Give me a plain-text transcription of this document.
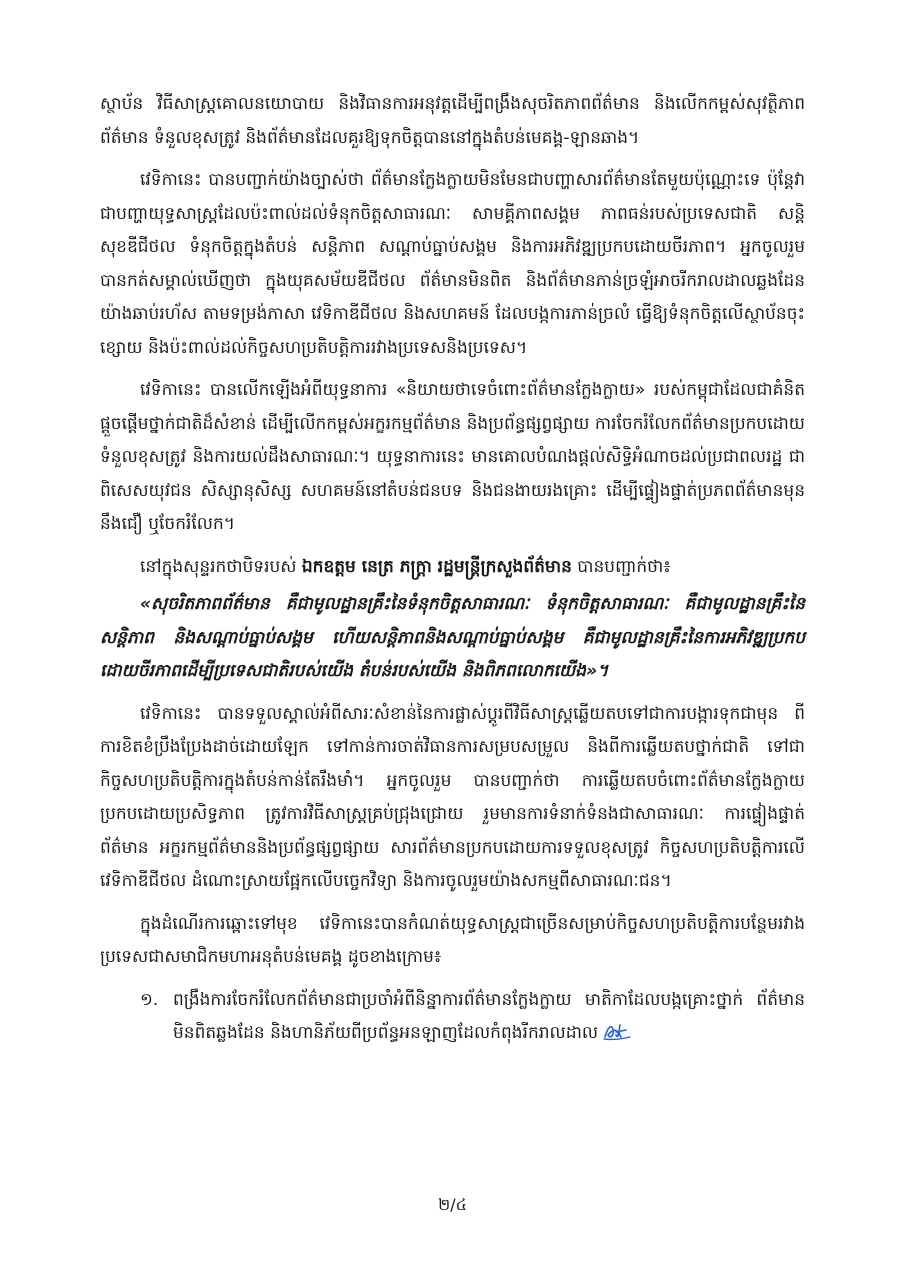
ស្ថាប័ន វិធីសាស្ត្រគោលនយោបាយ និងវិធានការអនុវត្តដើម្បីពង្រឹងសុចរិតភាពព័ត៌មាន និងលើកកម្ពស់សុវត្ថិភាពព័ត៌មាន ទំនួលខុសត្រូវ និងព័ត៌មានដែលគួរឱ្យទុកចិត្តបាននៅក្នុងតំបន់មេគង្គ-ឡានឆាង។

វេទិកានេះ បានបញ្ជាក់យ៉ាងច្បាស់ថា ព័ត៌មានក្លែងក្លាយមិនមែនជាបញ្ហាសារព័ត៌មានតែមួយប៉ុណ្ណោះទេ ប៉ុន្តែវាជាបញ្ហាយុទ្ធសាស្ត្រដែលប៉ះពាល់ដល់ទំនុកចិត្តសាធារណៈ សាមគ្គីភាពសង្គម ភាពធន់របស់ប្រទេសជាតិ សន្តិសុខឌីជីថល ទំនុកចិត្តក្នុងតំបន់ សន្តិភាព សណ្តាប់ធ្នាប់សង្គម និងការអភិវឌ្ឍប្រកបដោយចីរភាព។ អ្នកចូលរួមបានកត់សម្គាល់ឃើញថា ក្នុងយុគសម័យឌីជីថល ព័ត៌មានមិនពិត និងព័ត៌មានភាន់ច្រឡំអាចរីករាលដាលឆ្លងដែនយ៉ាងឆាប់រហ័ស តាមទម្រង់ភាសា វេទិកាឌីជីថល និងសហគមន៍ ដែលបង្កការភាន់ច្រលំ ធ្វើឱ្យទំនុកចិត្តលើស្ថាប័នចុះខ្សោយ និងប៉ះពាល់ដល់កិច្ចសហប្រតិបត្តិការរវាងប្រទេសនិងប្រទេស។

វេទិកានេះ បានលើកឡើងអំពីយុទ្ធនាការ «និយាយថាទេចំពោះព័ត៌មានក្លែងក្លាយ» របស់កម្ពុជាដែលជាគំនិតផ្តួចផ្តើមថ្នាក់ជាតិដ៏សំខាន់ ដើម្បីលើកកម្ពស់អក្ខរកម្មព័ត៌មាន និងប្រព័ន្ធផ្សព្វផ្សាយ ការចែករំលែកព័ត៌មានប្រកបដោយទំនួលខុសត្រូវ និងការយល់ដឹងសាធារណៈ។ យុទ្ធនាការនេះ មានគោលបំណងផ្តល់សិទ្ធិអំណាចដល់ប្រជាពលរដ្ឋ ជាពិសេសយុវជន សិស្សានុសិស្ស សហគមន៍នៅតំបន់ជនបទ និងជនងាយរងគ្រោះ ដើម្បីផ្ទៀងផ្ទាត់ប្រភពព័ត៌មានមុននឹងជឿ ឬចែករំលែក។

នៅក្នុងសុន្ទរកថាបិទរបស់ ឯកឧត្តម នេត្រ ភក្ត្រា រដ្ឋមន្ត្រីក្រសួងព័ត៌មាន បានបញ្ជាក់ថា៖

«សុចរិតភាពព័ត៌មាន គឺជាមូលដ្ឋានគ្រឹះនៃទំនុកចិត្តសាធារណៈ ទំនុកចិត្តសាធារណៈ គឺជាមូលដ្ឋានគ្រឹះនៃសន្តិភាព និងសណ្តាប់ធ្នាប់សង្គម ហើយសន្តិភាពនិងសណ្តាប់ធ្នាប់សង្គម គឺជាមូលដ្ឋានគ្រឹះនៃការអភិវឌ្ឍប្រកបដោយចីរភាពដើម្បីប្រទេសជាតិរបស់យើង តំបន់របស់យើង និងពិភពលោកយើង»។

វេទិកានេះ បានទទួលស្គាល់អំពីសារៈសំខាន់នៃការផ្លាស់ប្តូរពីវិធីសាស្ត្រឆ្លើយតបទៅជាការបង្ការទុកជាមុន ពីការខិតខំប្រឹងប្រែងដាច់ដោយឡែក ទៅកាន់ការចាត់វិធានការសម្របសម្រួល និងពីការឆ្លើយតបថ្នាក់ជាតិ ទៅជាកិច្ចសហប្រតិបត្តិការក្នុងតំបន់កាន់តែរឹងមាំ។ អ្នកចូលរួម បានបញ្ជាក់ថា ការឆ្លើយតបចំពោះព័ត៌មានក្លែងក្លាយប្រកបដោយប្រសិទ្ធភាព ត្រូវការវិធីសាស្ត្រគ្រប់ជ្រុងជ្រោយ រួមមានការទំនាក់ទំនងជាសាធារណៈ ការផ្ទៀងផ្ទាត់ព័ត៌មាន អក្ខរកម្មព័ត៌មាននិងប្រព័ន្ធផ្សព្វផ្សាយ សារព័ត៌មានប្រកបដោយការទទួលខុសត្រូវ កិច្ចសហប្រតិបត្តិការលើវេទិកាឌីជីថល ដំណោះស្រាយផ្អែកលើបច្ចេកវិទ្យា និងការចូលរួមយ៉ាងសកម្មពីសាធារណៈជន។

ក្នុងដំណើរការឆ្ពោះទៅមុខ វេទិកានេះបានកំណត់យុទ្ធសាស្ត្រជាច្រើនសម្រាប់កិច្ចសហប្រតិបត្តិការបន្ថែមរវាងប្រទេសជាសមាជិកមហាអនុតំបន់មេគង្គ ដូចខាងក្រោម៖

១. ពង្រឹងការចែករំលែកព័ត៌មានជាប្រចាំអំពីនិន្នាការព័ត៌មានក្លែងក្លាយ មាតិកាដែលបង្កគ្រោះថ្នាក់ ព័ត៌មានមិនពិតឆ្លងដែន និងហានិភ័យពីប្រព័ន្ធអនឡាញដែលកំពុងរីករាលដាល
២/៤
